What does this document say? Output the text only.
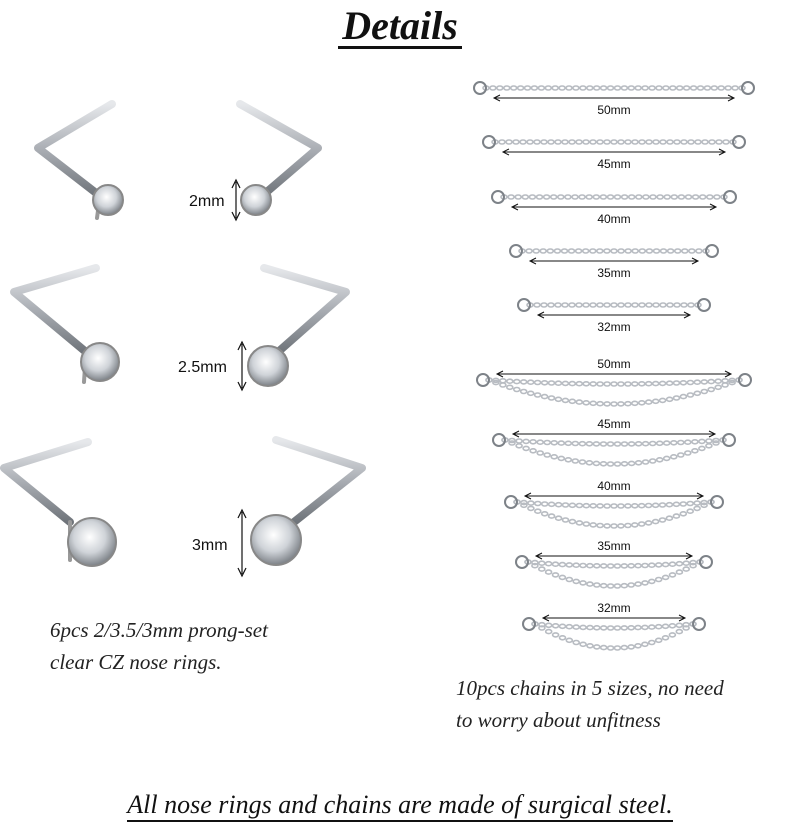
Details
2mm
2.5mm
3mm
50mm
45mm
40mm
35mm
32mm
50mm
45mm
40mm
35mm
32mm
6pcs 2/3.5/3mm prong-set
clear CZ nose rings.
10pcs chains in 5 sizes, no need
to worry about unfitness
All nose rings and chains are made of surgical steel.
